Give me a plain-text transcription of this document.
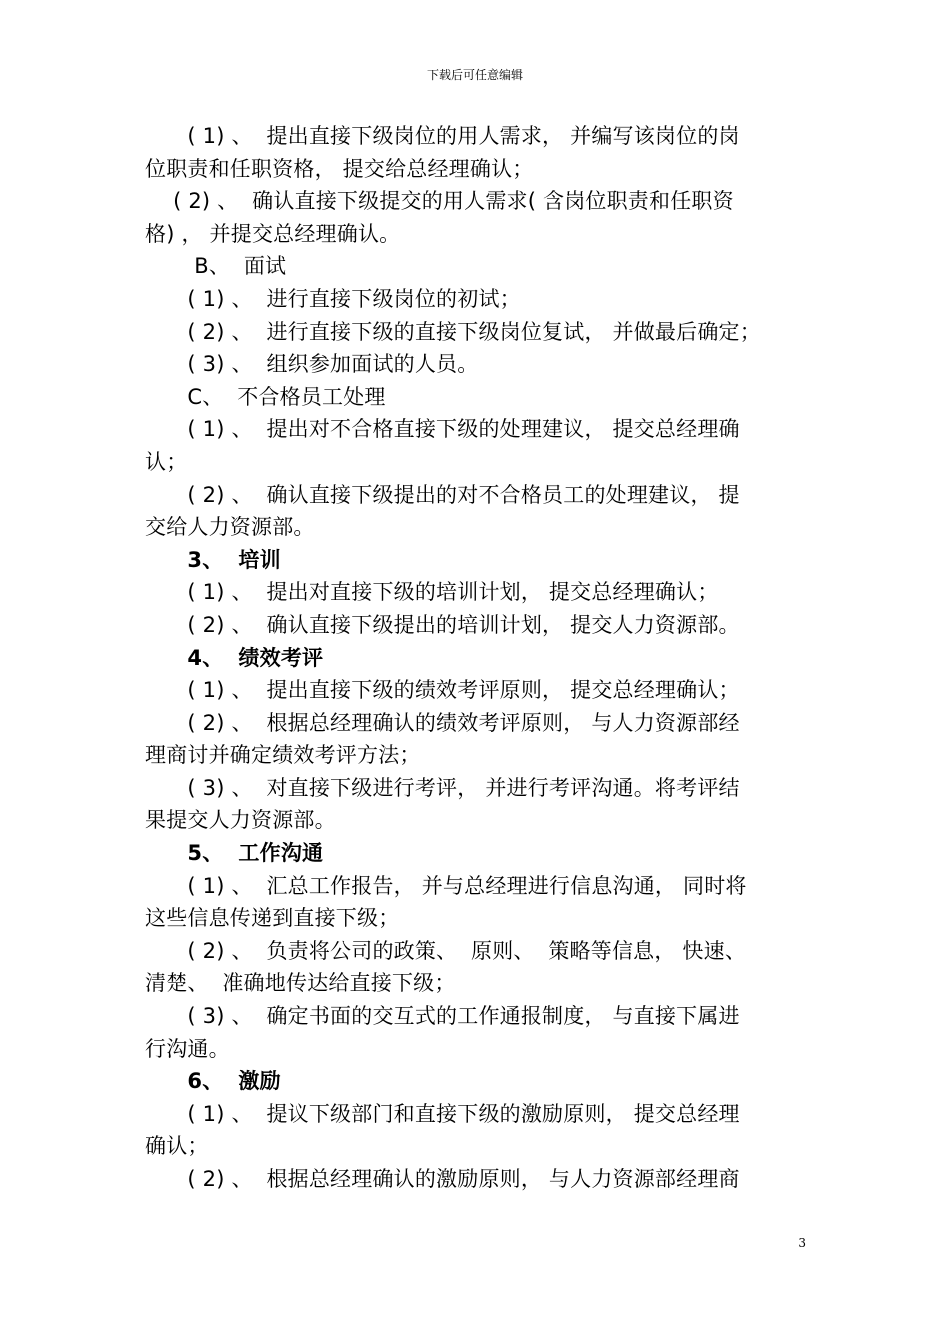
下载后可任意编辑
　　( 1) 、  提出直接下级岗位的用人需求， 并编写该岗位的岗
位职责和任职资格， 提交给总经理确认；
　 ( 2) 、  确认直接下级提交的用人需求( 含岗位职责和任职资
格) ， 并提交总经理确认。
　　 B、  面试
　　( 1) 、  进行直接下级岗位的初试；
　　( 2) 、  进行直接下级的直接下级岗位复试， 并做最后确定；
　　( 3) 、  组织参加面试的人员。
　　C、  不合格员工处理
　　( 1) 、  提出对不合格直接下级的处理建议， 提交总经理确
认；
　　( 2) 、  确认直接下级提出的对不合格员工的处理建议， 提
交给人力资源部。
　　3、  培训
　　( 1) 、  提出对直接下级的培训计划， 提交总经理确认；
　　( 2) 、  确认直接下级提出的培训计划， 提交人力资源部。
　　4、  绩效考评
　　( 1) 、  提出直接下级的绩效考评原则， 提交总经理确认；
　　( 2) 、  根据总经理确认的绩效考评原则， 与人力资源部经
理商讨并确定绩效考评方法；
　　( 3) 、  对直接下级进行考评， 并进行考评沟通。将考评结
果提交人力资源部。
　　5、  工作沟通
　　( 1) 、  汇总工作报告， 并与总经理进行信息沟通， 同时将
这些信息传递到直接下级；
　　( 2) 、  负责将公司的政策、  原则、  策略等信息， 快速、
清楚、  准确地传达给直接下级；
　　( 3) 、  确定书面的交互式的工作通报制度， 与直接下属进
行沟通。
　　6、  激励
　　( 1) 、  提议下级部门和直接下级的激励原则， 提交总经理
确认；
　　( 2) 、  根据总经理确认的激励原则， 与人力资源部经理商
3
